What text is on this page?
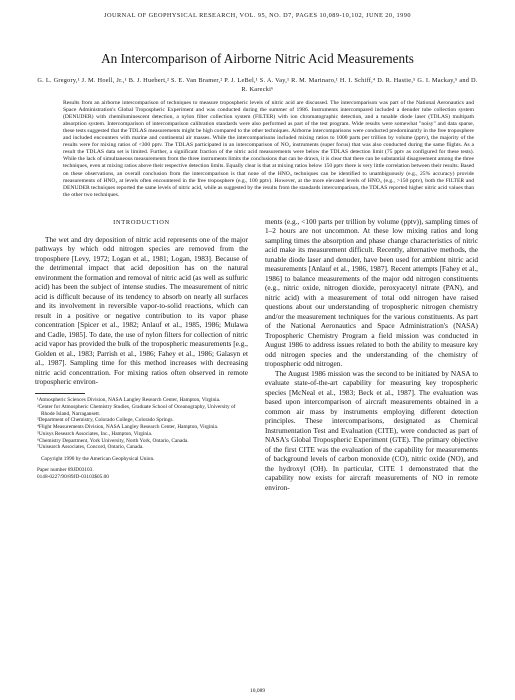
JOURNAL OF GEOPHYSICAL RESEARCH, VOL. 95, NO. D7, PAGES 10,089-10,102, JUNE 20, 1990
An Intercomparison of Airborne Nitric Acid Measurements
G. L. Gregory,¹ J. M. Hoell, Jr.,¹ B. J. Huebert,² S. E. Van Bramer,² P. J. LeBel,¹ S. A. Vay,¹ R. M. Marinaro,¹ H. I. Schiff,⁴ D. R. Hastie,⁵ G. I. Mackay,⁵ and D. R. Karecki⁶

Results from an airborne intercomparison of techniques to measure tropospheric levels of nitric acid are discussed. The intercomparison was part of the National Aeronautics and Space Administration's Global Tropospheric Experiment and was conducted during the summer of 1986. Instruments intercompared included a denuder tube collection system (DENUDER) with chemiluminescent detection, a nylon filter collection system (FILTER) with ion chromatographic detection, and a tunable diode laser (TDLAS) multipath absorption system. Intercomparison of intercomparison calibration standards were also performed as part of the test program. Wide results were somewhat "noisy" and data sparse, these tests suggested that the TDLAS measurements might be high compared to the other techniques. Airborne intercomparisons were conducted predominantly in the free troposphere and included encounters with marine and continental air masses. While the intercomparisons included mixing ratios to 1000 parts per trillion by volume (pptv), the majority of the results were for mixing ratios of <300 pptv. The TDLAS participated in an intercomparison of NO₂ instruments (super focus) that was also conducted during the same flights. As a result the TDLAS data set is limited. Further, a significant fraction of the nitric acid measurements were below the TDLAS detection limit (75 pptv as configured for these tests). While the lack of simultaneous measurements from the three instruments limits the conclusions that can be drawn, it is clear that there can be substantial disagreement among the three techniques, even at mixing ratios above their respective detection limits. Equally clear is that at mixing ratios below 150 pptv there is very little correlation between their results. Based on these observations, an overall conclusion from the intercomparison is that none of the HNO₃ techniques can be identified to unambiguously (e.g., 25% accuracy) provide measurements of HNO₃ at levels often encountered in the free troposphere (e.g., 100 pptv). However, at the more elevated levels of HNO₃ (e.g., >150 pptv), both the FILTER and DENUDER techniques reported the same levels of nitric acid, while as suggested by the results from the standards intercomparison, the TDLAS reported higher nitric acid values than the other two techniques.

INTRODUCTION

The wet and dry deposition of nitric acid represents one of the major pathways by which odd nitrogen species are removed from the troposphere [Levy, 1972; Logan et al., 1981; Logan, 1983]. Because of the detrimental impact that acid deposition has on the natural environment the formation and removal of nitric acid (as well as sulfuric acid) has been the subject of intense studies. The measurement of nitric acid is difficult because of its tendency to absorb on nearly all surfaces and its involvement in reversible vapor-to-solid reactions, which can result in a positive or negative contribution to its vapor phase concentration [Spicer et al., 1982; Anlauf et al., 1985, 1986; Mulawa and Cadle, 1985]. To date, the use of nylon filters for collection of nitric acid vapor has provided the bulk of the tropospheric measurements [e.g., Golden et al., 1983; Parrish et al., 1986; Fahey et al., 1986; Galasyn et al., 1987]. Sampling time for this method increases with decreasing nitric acid concentration. For mixing ratios often observed in remote tropospheric environ-

¹Atmospheric Sciences Division, NASA Langley Research Center, Hampton, Virginia.

²Center for Atmospheric Chemistry Studies, Graduate School of Oceanography, University of Rhode Island, Narragansett.

³Department of Chemistry, Colorado College, Colorado Springs.

⁴Flight Measurements Division, NASA Langley Research Center, Hampton, Virginia.

⁵Unisys Research Associates, Inc., Hampton, Virginia.

⁶Chemistry Department, York University, North York, Ontario, Canada.

⁷Unisearch Associates, Concord, Ontario, Canada.

Copyright 1990 by the American Geophysical Union.

Paper number 89JD03103.

0148-0227/90/89JD-03103$05.00

ments (e.g., <100 parts per trillion by volume (pptv)), sampling times of 1–2 hours are not uncommon. At these low mixing ratios and long sampling times the absorption and phase change characteristics of nitric acid make its measurement difficult. Recently, alternative methods, the tunable diode laser and denuder, have been used for ambient nitric acid measurements [Anlauf et al., 1986, 1987]. Recent attempts [Fahey et al., 1986] to balance measurements of the major odd nitrogen constituents (e.g., nitric oxide, nitrogen dioxide, peroxyacetyl nitrate (PAN), and nitric acid) with a measurement of total odd nitrogen have raised questions about our understanding of tropospheric nitrogen chemistry and/or the measurement techniques for the various constituents. As part of the National Aeronautics and Space Administration's (NASA) Tropospheric Chemistry Program a field mission was conducted in August 1986 to address issues related to both the ability to measure key odd nitrogen species and the understanding of the chemistry of tropospheric odd nitrogen.

The August 1986 mission was the second to be initiated by NASA to evaluate state-of-the-art capability for measuring key tropospheric species [McNeal et al., 1983; Beck et al., 1987]. The evaluation was based upon intercomparison of aircraft measurements obtained in a common air mass by instruments employing different detection principles. These intercomparisons, designated as Chemical Instrumentation Test and Evaluation (CITE), were conducted as part of NASA's Global Tropospheric Experiment (GTE). The primary objective of the first CITE was the evaluation of the capability for measurements of background levels of carbon monoxide (CO), nitric oxide (NO), and the hydroxyl (OH). In particular, CITE 1 demonstrated that the capability now exists for aircraft measurements of NO in remote environ-

10,089
